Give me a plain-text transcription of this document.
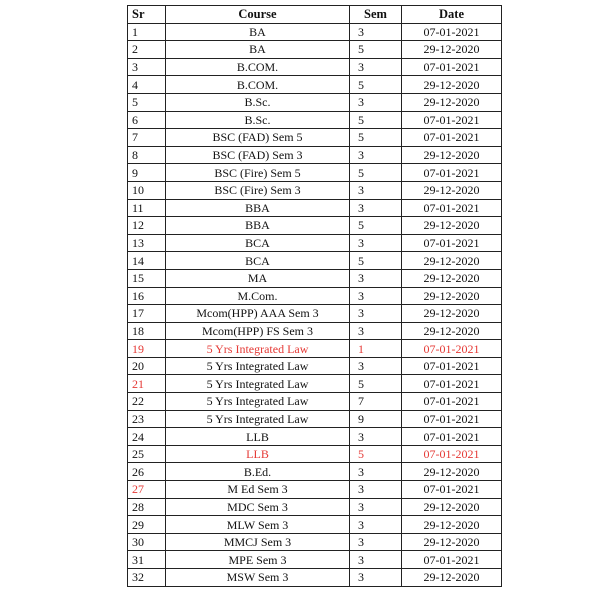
Sr	Course	Sem	Date
1	BA	3	07-01-2021
2	BA	5	29-12-2020
3	B.COM.	3	07-01-2021
4	B.COM.	5	29-12-2020
5	B.Sc.	3	29-12-2020
6	B.Sc.	5	07-01-2021
7	BSC (FAD) Sem 5	5	07-01-2021
8	BSC (FAD) Sem 3	3	29-12-2020
9	BSC (Fire) Sem 5	5	07-01-2021
10	BSC (Fire) Sem 3	3	29-12-2020
11	BBA	3	07-01-2021
12	BBA	5	29-12-2020
13	BCA	3	07-01-2021
14	BCA	5	29-12-2020
15	MA	3	29-12-2020
16	M.Com.	3	29-12-2020
17	Mcom(HPP) AAA Sem 3	3	29-12-2020
18	Mcom(HPP) FS Sem 3	3	29-12-2020
19	5 Yrs Integrated Law	1	07-01-2021
20	5 Yrs Integrated Law	3	07-01-2021
21	5 Yrs Integrated Law	5	07-01-2021
22	5 Yrs Integrated Law	7	07-01-2021
23	5 Yrs Integrated Law	9	07-01-2021
24	LLB	3	07-01-2021
25	LLB	5	07-01-2021
26	B.Ed.	3	29-12-2020
27	M Ed Sem 3	3	07-01-2021
28	MDC Sem 3	3	29-12-2020
29	MLW Sem 3	3	29-12-2020
30	MMCJ Sem 3	3	29-12-2020
31	MPE Sem 3	3	07-01-2021
32	MSW Sem 3	3	29-12-2020
